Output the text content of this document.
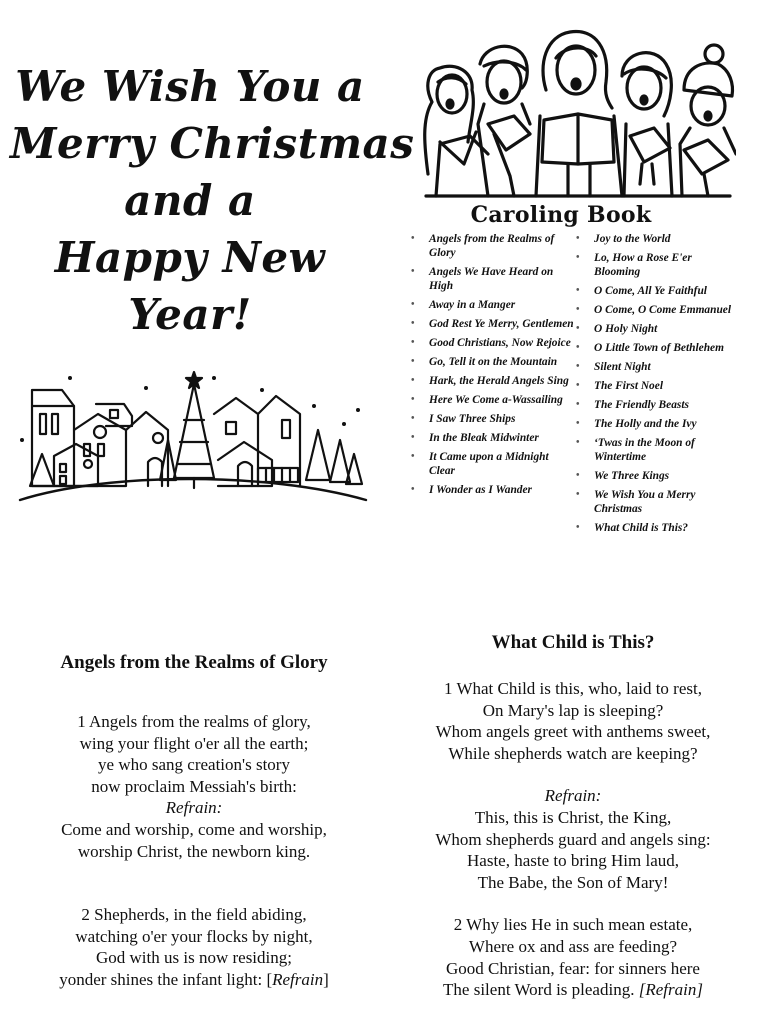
We Wish You a
Merry Christmas
and a
Happy New
Year!
Caroling Book
• Angels from the Realms of Glory
• Angels We Have Heard on High
• Away in a Manger
• God Rest Ye Merry, Gentlemen
• Good Christians, Now Rejoice
• Go, Tell it on the Mountain
• Hark, the Herald Angels Sing
• Here We Come a-Wassailing
• I Saw Three Ships
• In the Bleak Midwinter
• It Came upon a Midnight Clear
• I Wonder as I Wander
• Joy to the World
• Lo, How a Rose E'er Blooming
• O Come, All Ye Faithful
• O Come, O Come Emmanuel
• O Holy Night
• O Little Town of Bethlehem
• Silent Night
• The First Noel
• The Friendly Beasts
• The Holly and the Ivy
• ‘Twas in the Moon of Wintertime
• We Three Kings
• We Wish You a Merry Christmas
• What Child is This?
Angels from the Realms of Glory
1 Angels from the realms of glory,
wing your flight o'er all the earth;
ye who sang creation's story
now proclaim Messiah's birth:
Refrain:
Come and worship, come and worship,
worship Christ, the newborn king.
2 Shepherds, in the field abiding,
watching o'er your flocks by night,
God with us is now residing;
yonder shines the infant light: [Refrain]
What Child is This?
1 What Child is this, who, laid to rest,
On Mary's lap is sleeping?
Whom angels greet with anthems sweet,
While shepherds watch are keeping?
Refrain:
This, this is Christ, the King,
Whom shepherds guard and angels sing:
Haste, haste to bring Him laud,
The Babe, the Son of Mary!
2 Why lies He in such mean estate,
Where ox and ass are feeding?
Good Christian, fear: for sinners here
The silent Word is pleading. [Refrain]
